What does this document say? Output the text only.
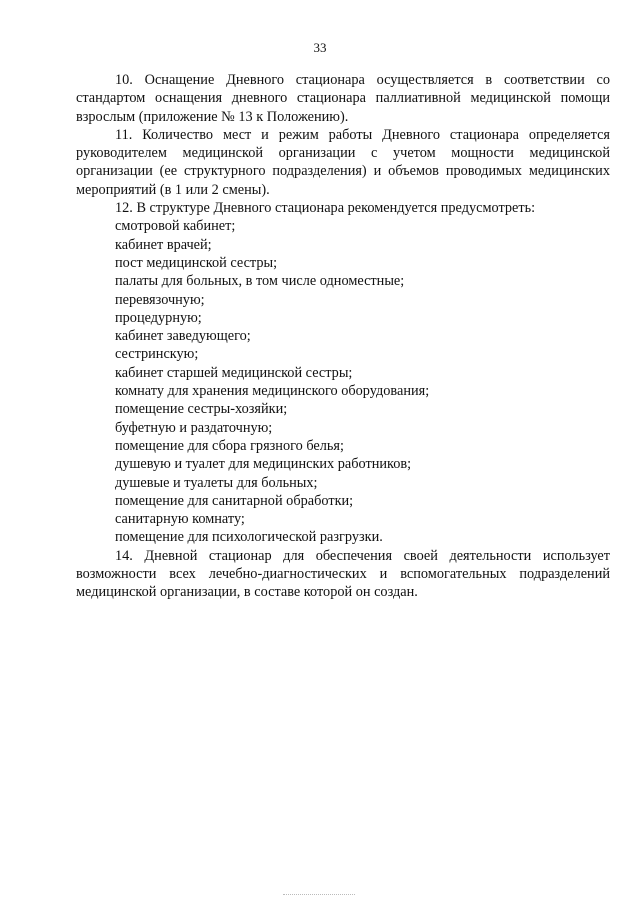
33

10. Оснащение Дневного стационара осуществляется в соответствии со стандартом оснащения дневного стационара паллиативной медицинской помощи взрослым (приложение № 13 к Положению).

11. Количество мест и режим работы Дневного стационара определяется руководителем медицинской организации с учетом мощности медицинской организации (ее структурного подразделения) и объемов проводимых медицинских мероприятий (в 1 или 2 смены).

12. В структуре Дневного стационара рекомендуется предусмотреть:

смотровой кабинет;
кабинет врачей;
пост медицинской сестры;
палаты для больных, в том числе одноместные;
перевязочную;
процедурную;
кабинет заведующего;
сестринскую;
кабинет старшей медицинской сестры;
комнату для хранения медицинского оборудования;
помещение сестры-хозяйки;
буфетную и раздаточную;
помещение для сбора грязного белья;
душевую и туалет для медицинских работников;
душевые и туалеты для больных;
помещение для санитарной обработки;
санитарную комнату;
помещение для психологической разгрузки.

14. Дневной стационар для обеспечения своей деятельности использует возможности всех лечебно-диагностических и вспомогательных подразделений медицинской организации, в составе которой он создан.
